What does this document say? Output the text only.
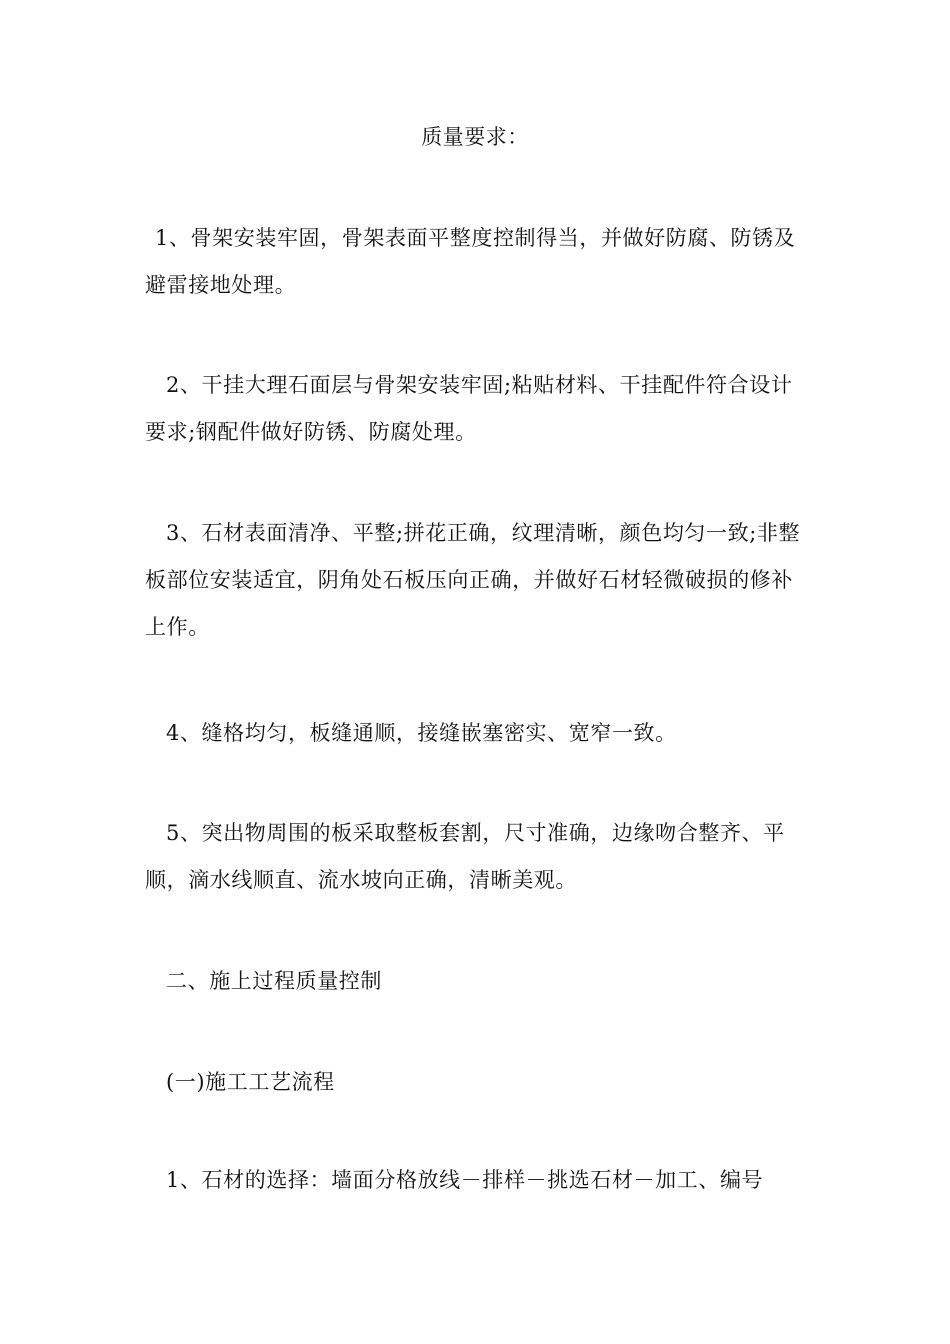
质量要求：

1、骨架安装牢固，骨架表面平整度控制得当，并做好防腐、防锈及避雷接地处理。

2、干挂大理石面层与骨架安装牢固;粘贴材料、干挂配件符合设计要求;钢配件做好防锈、防腐处理。

3、石材表面清净、平整;拼花正确，纹理清晰，颜色均匀一致;非整板部位安装适宜，阴角处石板压向正确，并做好石材轻微破损的修补上作。

4、缝格均匀，板缝通顺，接缝嵌塞密实、宽窄一致。

5、突出物周围的板采取整板套割，尺寸准确，边缘吻合整齐、平顺，滴水线顺直、流水坡向正确，清晰美观。

二、施上过程质量控制

(一)施工工艺流程

1、石材的选择：墙面分格放线－排样－挑选石材－加工、编号
